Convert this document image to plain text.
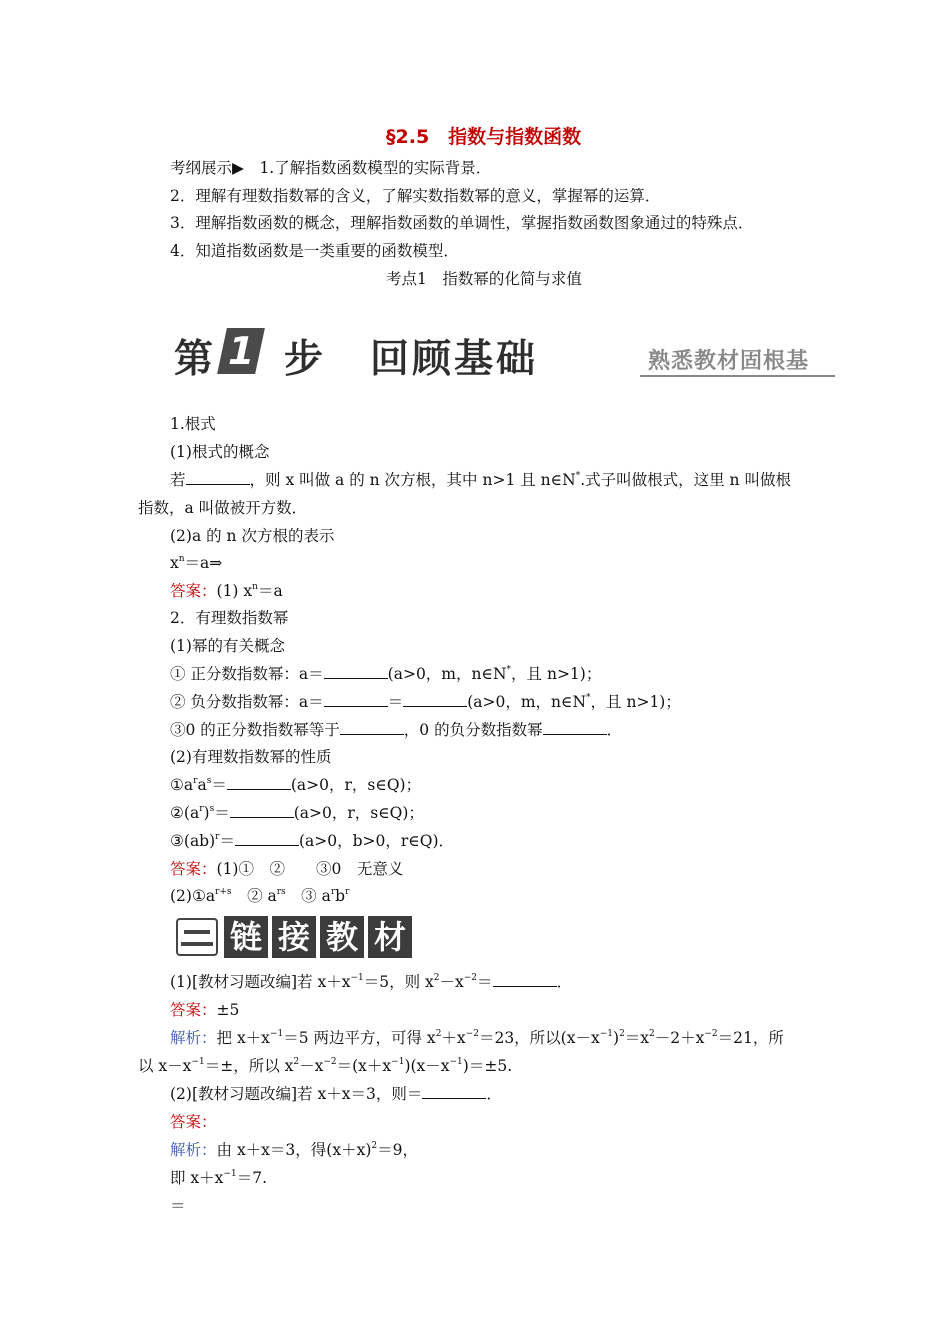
§2.5　指数与指数函数
考纲展示▶　 1.了解指数函数模型的实际背景．
2．理解有理数指数幂的含义，了解实数指数幂的意义，掌握幂的运算．
3．理解指数函数的概念，理解指数函数的单调性，掌握指数函数图象通过的特殊点．
4．知道指数函数是一类重要的函数模型．
考点1　指数幂的化简与求值
第 1 步 回顾基础	熟悉教材固根基
1.根式
(1)根式的概念
若	，则 x 叫做 a 的 n 次方根，其中 n>1 且 n∈N*.式子叫做根式，这里 n 叫做根
指数，a 叫做被开方数．
(2)a 的 n 次方根的表示
$x^n=a\Rightarrow$
答案：(1) $x^n=a$
2．有理数指数幂
(1)幂的有关概念
① 正分数指数幂：a＝	(a>0，m，n∈N*，且 n>1)；
② 负分数指数幂：a＝	＝	(a>0，m，n∈N*，且 n>1)；
③0 的正分数指数幂等于	，0 的负分数指数幂	．
(2)有理数指数幂的性质
$①a^ra^s=$	(a>0，r，s∈Q)；
$②(a^r)^s=$	(a>0，r，s∈Q)；
③(ab)$^r$＝	(a>0，b>0，r∈Q)．
答案：(1)①　②　　③0　无意义
$(2)①a^{r+s}$　② $a^{rs}$　③ $a^rb^r$
链 接 教 材
(1)[教材习题改编]若 $x+x^{-1}=5$，则 $x^2-x^{-2}=$	．
答案：±5
解析：把 $x+x^{-1}=5$ 两边平方，可得 $x^2+x^{-2}=23$，所以$(x-x^{-1})^2=x^2-2+x^{-2}=21$，所
以 $x-x^{-1}=\pm$，所以 $x^2-x^{-2}=(x+x^{-1})(x-x^{-1})=\pm 5$.
(2)[教材习题改编]若 x＋x＝3，则＝	．
答案：
解析：由 x＋x＝3，得$(x+x)^2=9$，
即 $x+x^{-1}=7$.
＝
